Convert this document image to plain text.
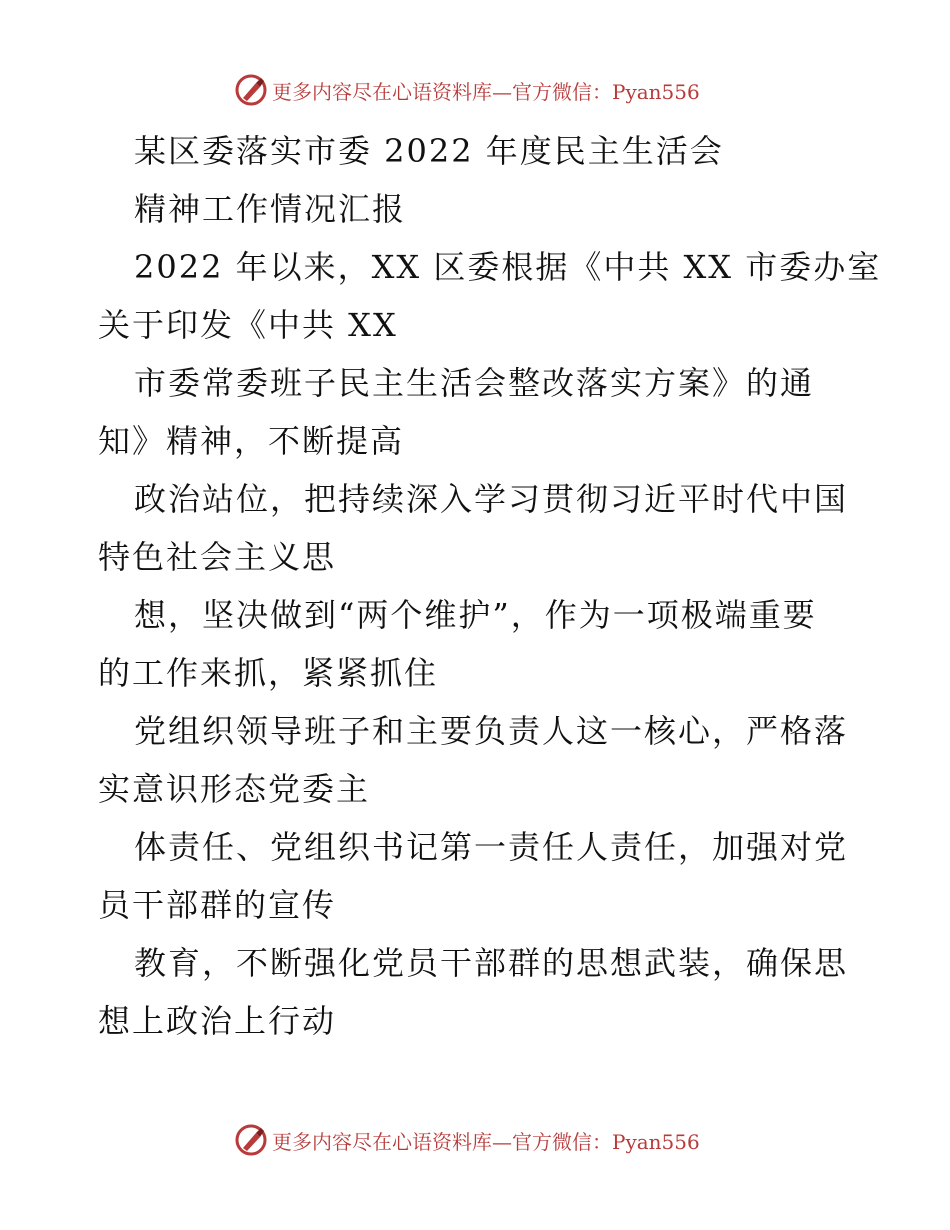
更多内容尽在心语资料库—官方微信：Pyan556
某区委落实市委 2022 年度民主生活会
精神工作情况汇报
2022 年以来，XX 区委根据《中共 XX 市委办室
关于印发《中共 XX
市委常委班子民主生活会整改落实方案》的通
知》精神，不断提高
政治站位，把持续深入学习贯彻习近平时代中国
特色社会主义思
想，坚决做到“两个维护”，作为一项极端重要
的工作来抓，紧紧抓住
党组织领导班子和主要负责人这一核心，严格落
实意识形态党委主
体责任、党组织书记第一责任人责任，加强对党
员干部群的宣传
教育，不断强化党员干部群的思想武装，确保思
想上政治上行动
更多内容尽在心语资料库—官方微信：Pyan556
